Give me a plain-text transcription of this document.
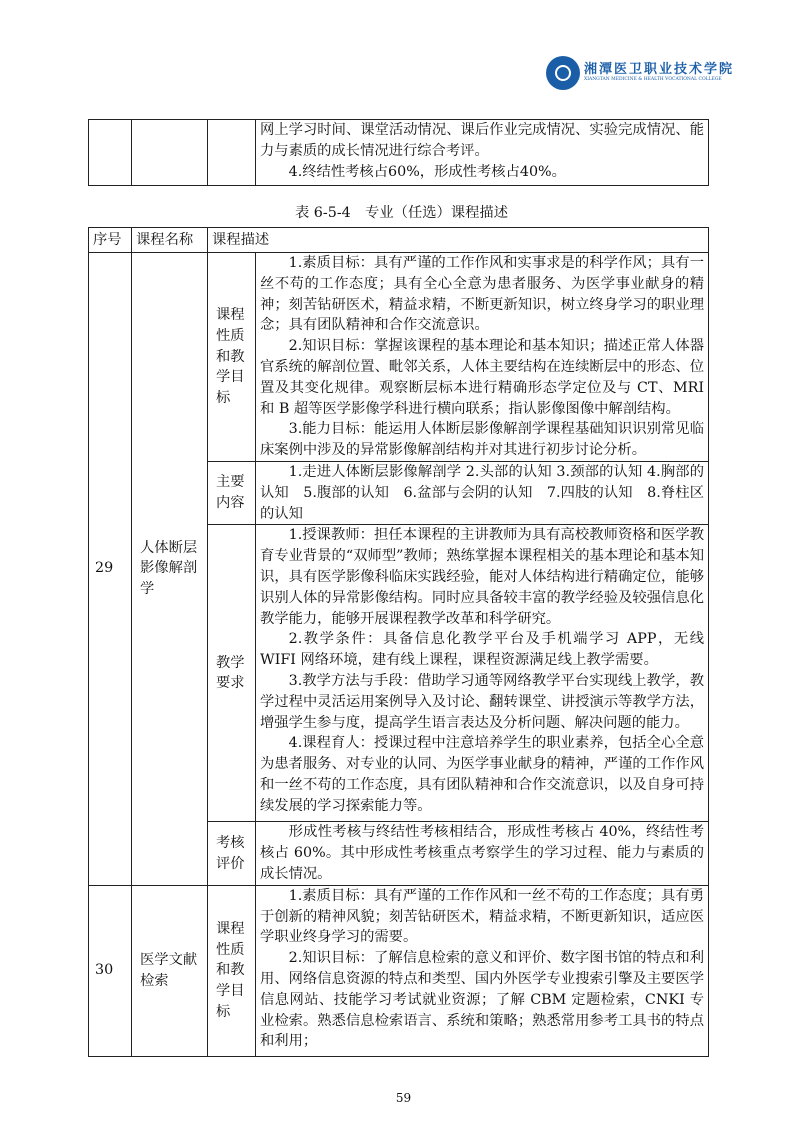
湘潭医卫职业技术学院
XIANGTAN MEDICINE & HEALTH VOCATIONAL COLLEGE

网上学习时间、课堂活动情况、课后作业完成情况、实验完成情况、能力与素质的成长情况进行综合考评。

4.终结性考核占60%，形成性考核占40%。

表 6-5-4　专业（任选）课程描述
序号	课程名称	课程描述	
29	人体断层影像解剖学	课程性质和教学目标	1.素质目标：具有严谨的工作作风和实事求是的科学作风；具有一丝不苟的工作态度；具有全心全意为患者服务、为医学事业献身的精神；刻苦钻研医术，精益求精，不断更新知识，树立终身学习的职业理念；具有团队精神和合作交流意识。

2.知识目标：掌握该课程的基本理论和基本知识；描述正常人体器官系统的解剖位置、毗邻关系，人体主要结构在连续断层中的形态、位置及其变化规律。观察断层标本进行精确形态学定位及与 CT、MRI 和 B 超等医学影像学科进行横向联系；指认影像图像中解剖结构。

3.能力目标：能运用人体断层影像解剖学课程基础知识识别常见临床案例中涉及的异常影像解剖结构并对其进行初步讨论分析。

		主要内容	1.走进人体断层影像解剖学 2.头部的认知 3.颈部的认知 4.胸部的认知　5.腹部的认知　6.盆部与会阴的认知　7.四肢的认知　8.脊柱区的认知

		教学要求	1.授课教师：担任本课程的主讲教师为具有高校教师资格和医学教育专业背景的“双师型”教师；熟练掌握本课程相关的基本理论和基本知识，具有医学影像科临床实践经验，能对人体结构进行精确定位，能够识别人体的异常影像结构。同时应具备较丰富的教学经验及较强信息化教学能力，能够开展课程教学改革和科学研究。

2.教学条件：具备信息化教学平台及手机端学习 APP，无线 WIFI 网络环境，建有线上课程，课程资源满足线上教学需要。

3.教学方法与手段：借助学习通等网络教学平台实现线上教学，教学过程中灵活运用案例导入及讨论、翻转课堂、讲授演示等教学方法，增强学生参与度，提高学生语言表达及分析问题、解决问题的能力。

4.课程育人：授课过程中注意培养学生的职业素养，包括全心全意为患者服务、对专业的认同、为医学事业献身的精神，严谨的工作作风和一丝不苟的工作态度，具有团队精神和合作交流意识，以及自身可持续发展的学习探索能力等。

		考核评价	形成性考核与终结性考核相结合，形成性考核占 40%，终结性考核占 60%。其中形成性考核重点考察学生的学习过程、能力与素质的成长情况。

30	医学文献检索	课程性质和教学目标	1.素质目标：具有严谨的工作作风和一丝不苟的工作态度；具有勇于创新的精神风貌；刻苦钻研医术，精益求精，不断更新知识，适应医学职业终身学习的需要。

2.知识目标：了解信息检索的意义和评价、数字图书馆的特点和利用、网络信息资源的特点和类型、国内外医学专业搜索引擎及主要医学信息网站、技能学习考试就业资源；了解 CBM 定题检索，CNKI 专业检索。熟悉信息检索语言、系统和策略；熟悉常用参考工具书的特点和利用；

59
